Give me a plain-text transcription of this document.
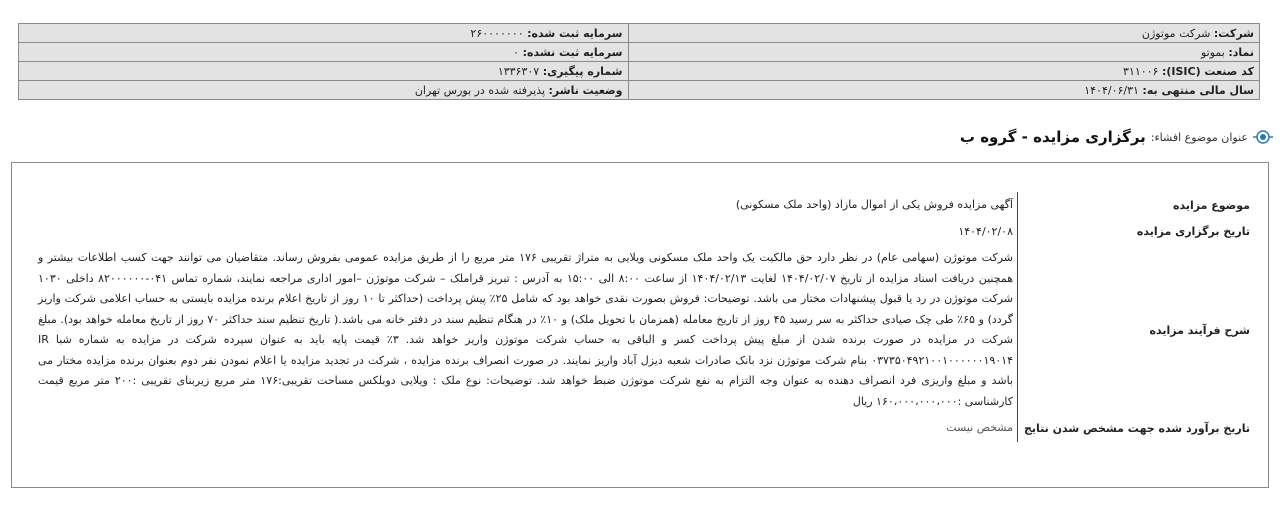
شرکت: شرکت موتوژن	سرمایه ثبت شده: ۲۶۰۰۰۰۰۰۰
نماد: بموتو	سرمایه ثبت نشده: ۰
کد صنعت (ISIC): ۳۱۱۰۰۶	شماره پیگیری: ۱۳۳۶۳۰۷
سال مالی منتهی به: ۱۴۰۴/۰۶/۳۱	وضعیت ناشر: پذیرفته شده در بورس تهران
عنوان موضوع افشاء:
برگزاری مزایده - گروه ب
موضوع مزایده	آگهی مزایده فروش یکی از اموال مازاد (واحد ملک مسکونی)
تاریخ برگزاری مزایده	۱۴۰۴/۰۲/۰۸
شرح فرآیند مزایده	شرکت موتوژن (سهامی عام) در نظر دارد حق مالکیت یک واحد ملک مسکونی ویلایی به متراژ تقریبی ۱۷۶ متر مربع را از طریق مزایده عمومی بفروش رساند. متقاضیان می توانند جهت کسب اطلاعات بیشتر و همچنین دریافت اسناد مزایده از تاریخ ۱۴۰۴/۰۲/۰۷ لغایت ۱۴۰۴/۰۲/۱۳ از ساعت ۸:۰۰ الی ۱۵:۰۰ به آدرس : تبریز قراملک – شرکت موتوژن –امور اداری مراجعه نمایند، شماره تماس ۰۴۱-۸۲۰۰۰۰۰۰ داخلی ۱۰۳۰ شرکت موتوژن در رد یا قبول پیشنهادات مختار می باشد. توضیحات: فروش بصورت نقدی خواهد بود که شامل ۲۵٪ پیش پرداخت (حداکثر تا ۱۰ روز از تاریخ اعلام برنده مزایده بایستی به حساب اعلامی شرکت واریز گردد) و ۶۵٪ طی چک صیادی حداکثر به سر رسید ۴۵ روز از تاریخ معامله (همزمان با تحویل ملک) و ۱۰٪ در هنگام تنظیم سند در دفتر خانه می باشد.( تاریخ تنظیم سند حداکثر ۷۰ روز از تاریخ معامله خواهد بود). مبلغ شرکت در مزایده در صورت برنده شدن از مبلغ پیش پرداخت کسر و الباقی به حساب شرکت موتوژن واریز خواهد شد. ۳٪ قیمت پایه باید به عنوان سپرده شرکت در مزایده به شماره شبا IR ۰۳۷۳۵۰۴۹۲۱۰۰۱۰۰۰۰۰۰۱۹۰۱۴ بنام شرکت موتوژن نزد بانک صادرات شعبه دیزل آباد واریز نمایند. در صورت انصراف برنده مزایده ، شرکت در تجدید مزایده یا اعلام نمودن نفر دوم بعنوان برنده مزایده مختار می باشد و مبلغ واریزی فرد انصراف دهنده به عنوان وجه التزام به نفع شرکت موتوژن ضبط خواهد شد. توضیحات: نوع ملک : ویلایی دوبلکس مساحت تقریبی:۱۷۶ متر مربع زیربنای تقریبی :۲۰۰ متر مربع قیمت کارشناسی :۱۶۰،۰۰۰،۰۰۰،۰۰۰ ریال
تاریخ برآورد شده جهت مشخص شدن نتایج	مشخص نیست
